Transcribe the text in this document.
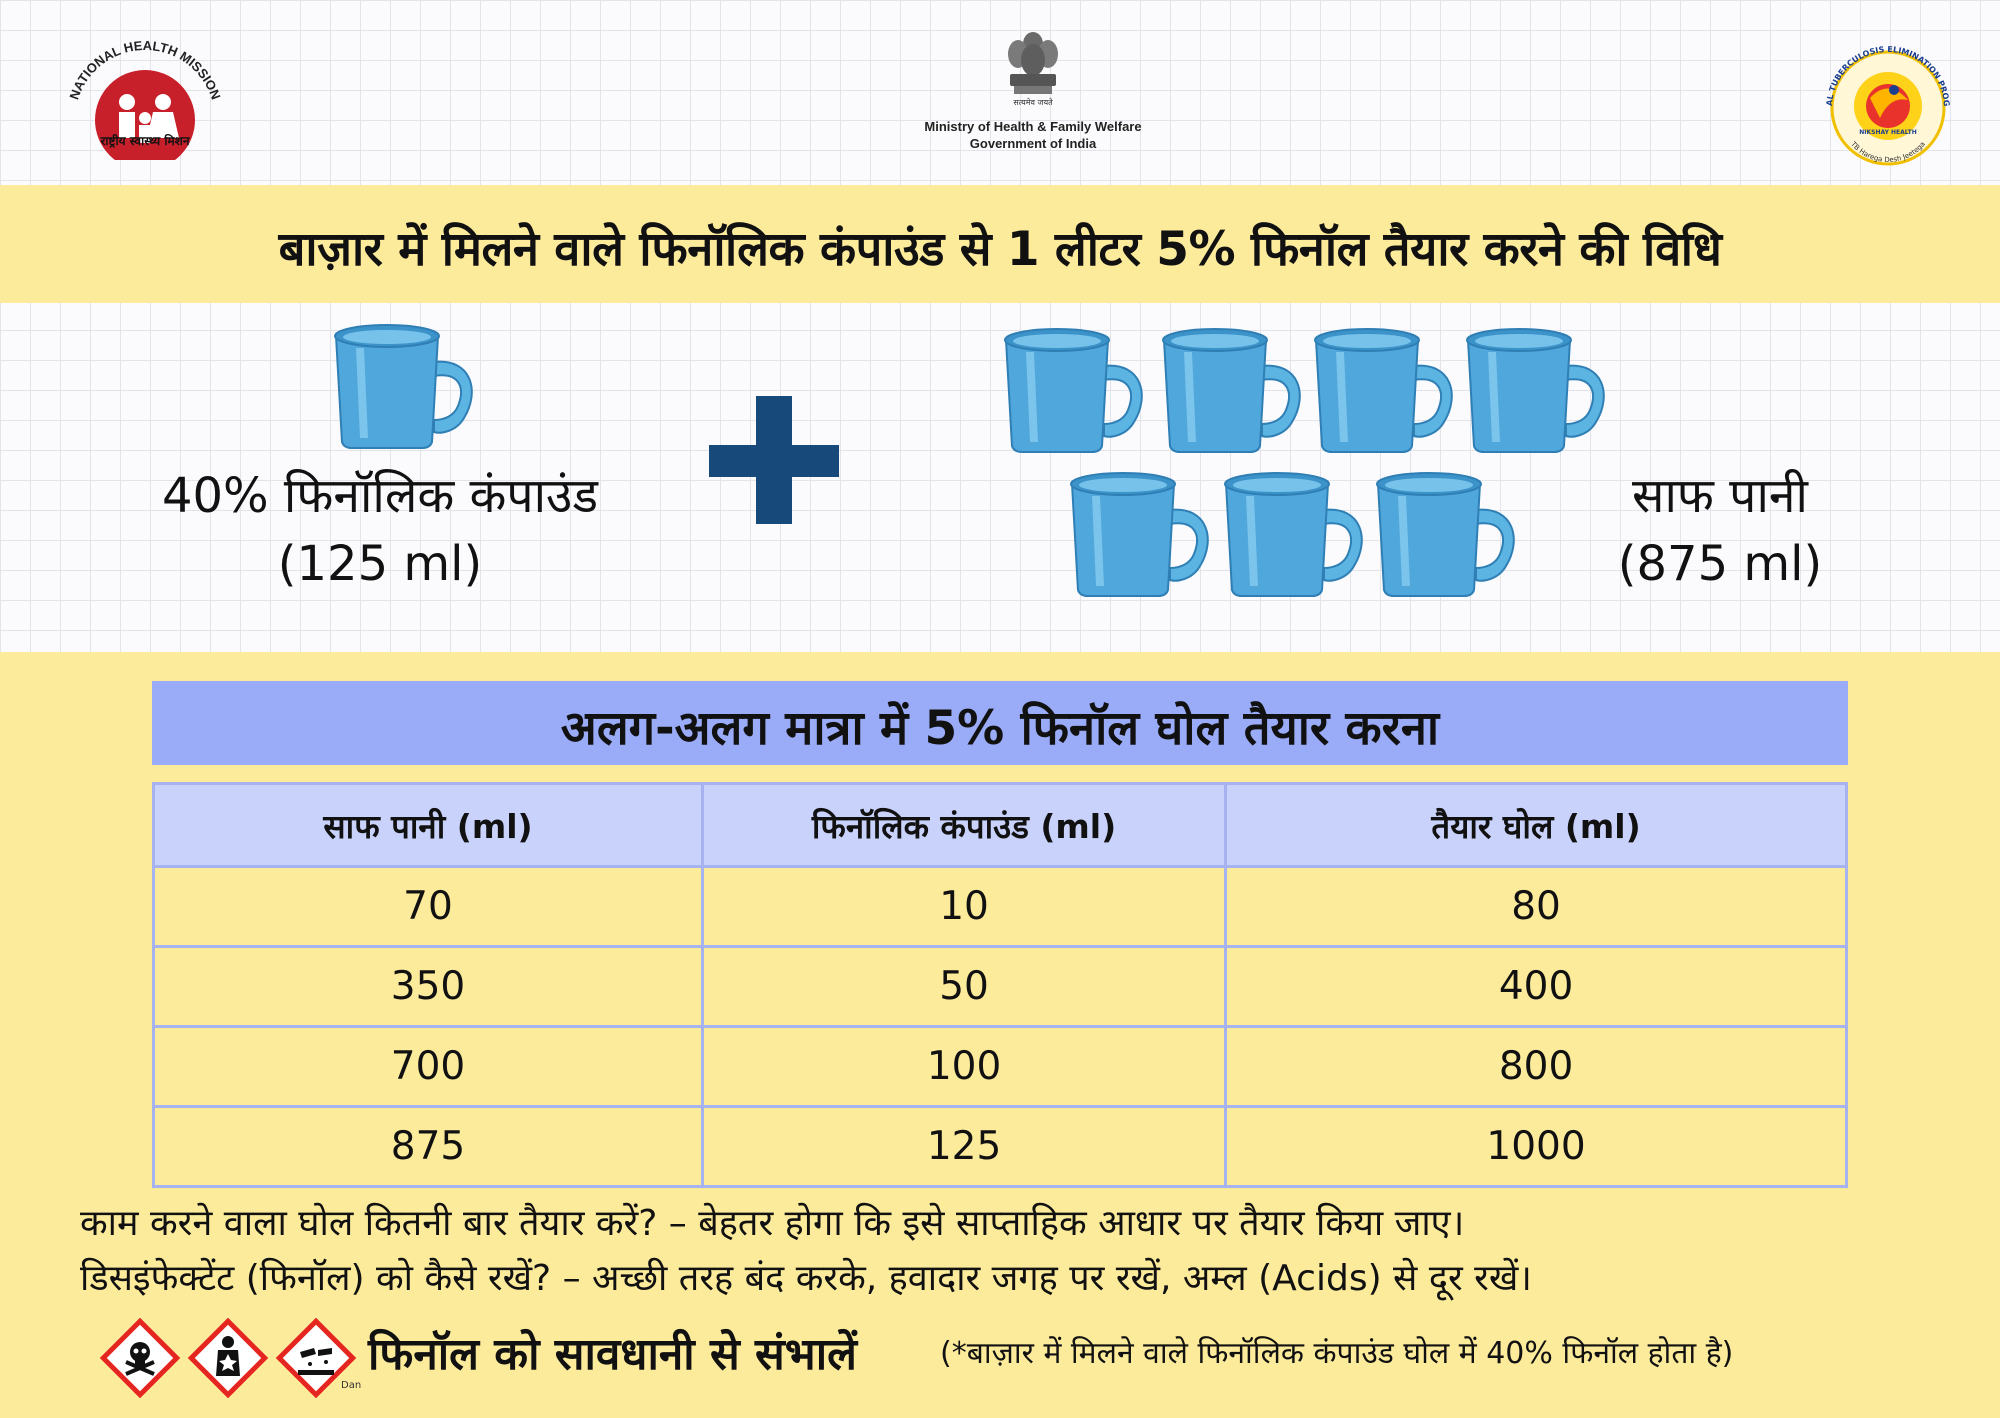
NATIONAL HEALTH MISSION
राष्ट्रीय स्वास्थ्य मिशन
सत्यमेव जयते
Ministry of Health & Family Welfare
Government of India
AL TUBERCULOSIS ELIMINATION PROG
NIKSHAY HEALTH
TB Harega Desh Jeetega
बाज़ार में मिलने वाले फिनॉलिक कंपाउंड से 1 लीटर 5% फिनॉल तैयार करने की विधि
40% फिनॉलिक कंपाउंड
(125 ml)
साफ पानी
(875 ml)
अलग-अलग मात्रा में 5% फिनॉल घोल तैयार करना
साफ पानी (ml)	फिनॉलिक कंपाउंड (ml)	तैयार घोल (ml)
70	10	80
350	50	400
700	100	800
875	125	1000
काम करने वाला घोल कितनी बार तैयार करें? – बेहतर होगा कि इसे साप्ताहिक आधार पर तैयार किया जाए।
डिसइंफेक्टेंट (फिनॉल) को कैसे रखें? – अच्छी तरह बंद करके, हवादार जगह पर रखें, अम्ल (Acids) से दूर रखें।
Dan
फिनॉल को सावधानी से संभालें	(*बाज़ार में मिलने वाले फिनॉलिक कंपाउंड घोल में 40% फिनॉल होता है)
